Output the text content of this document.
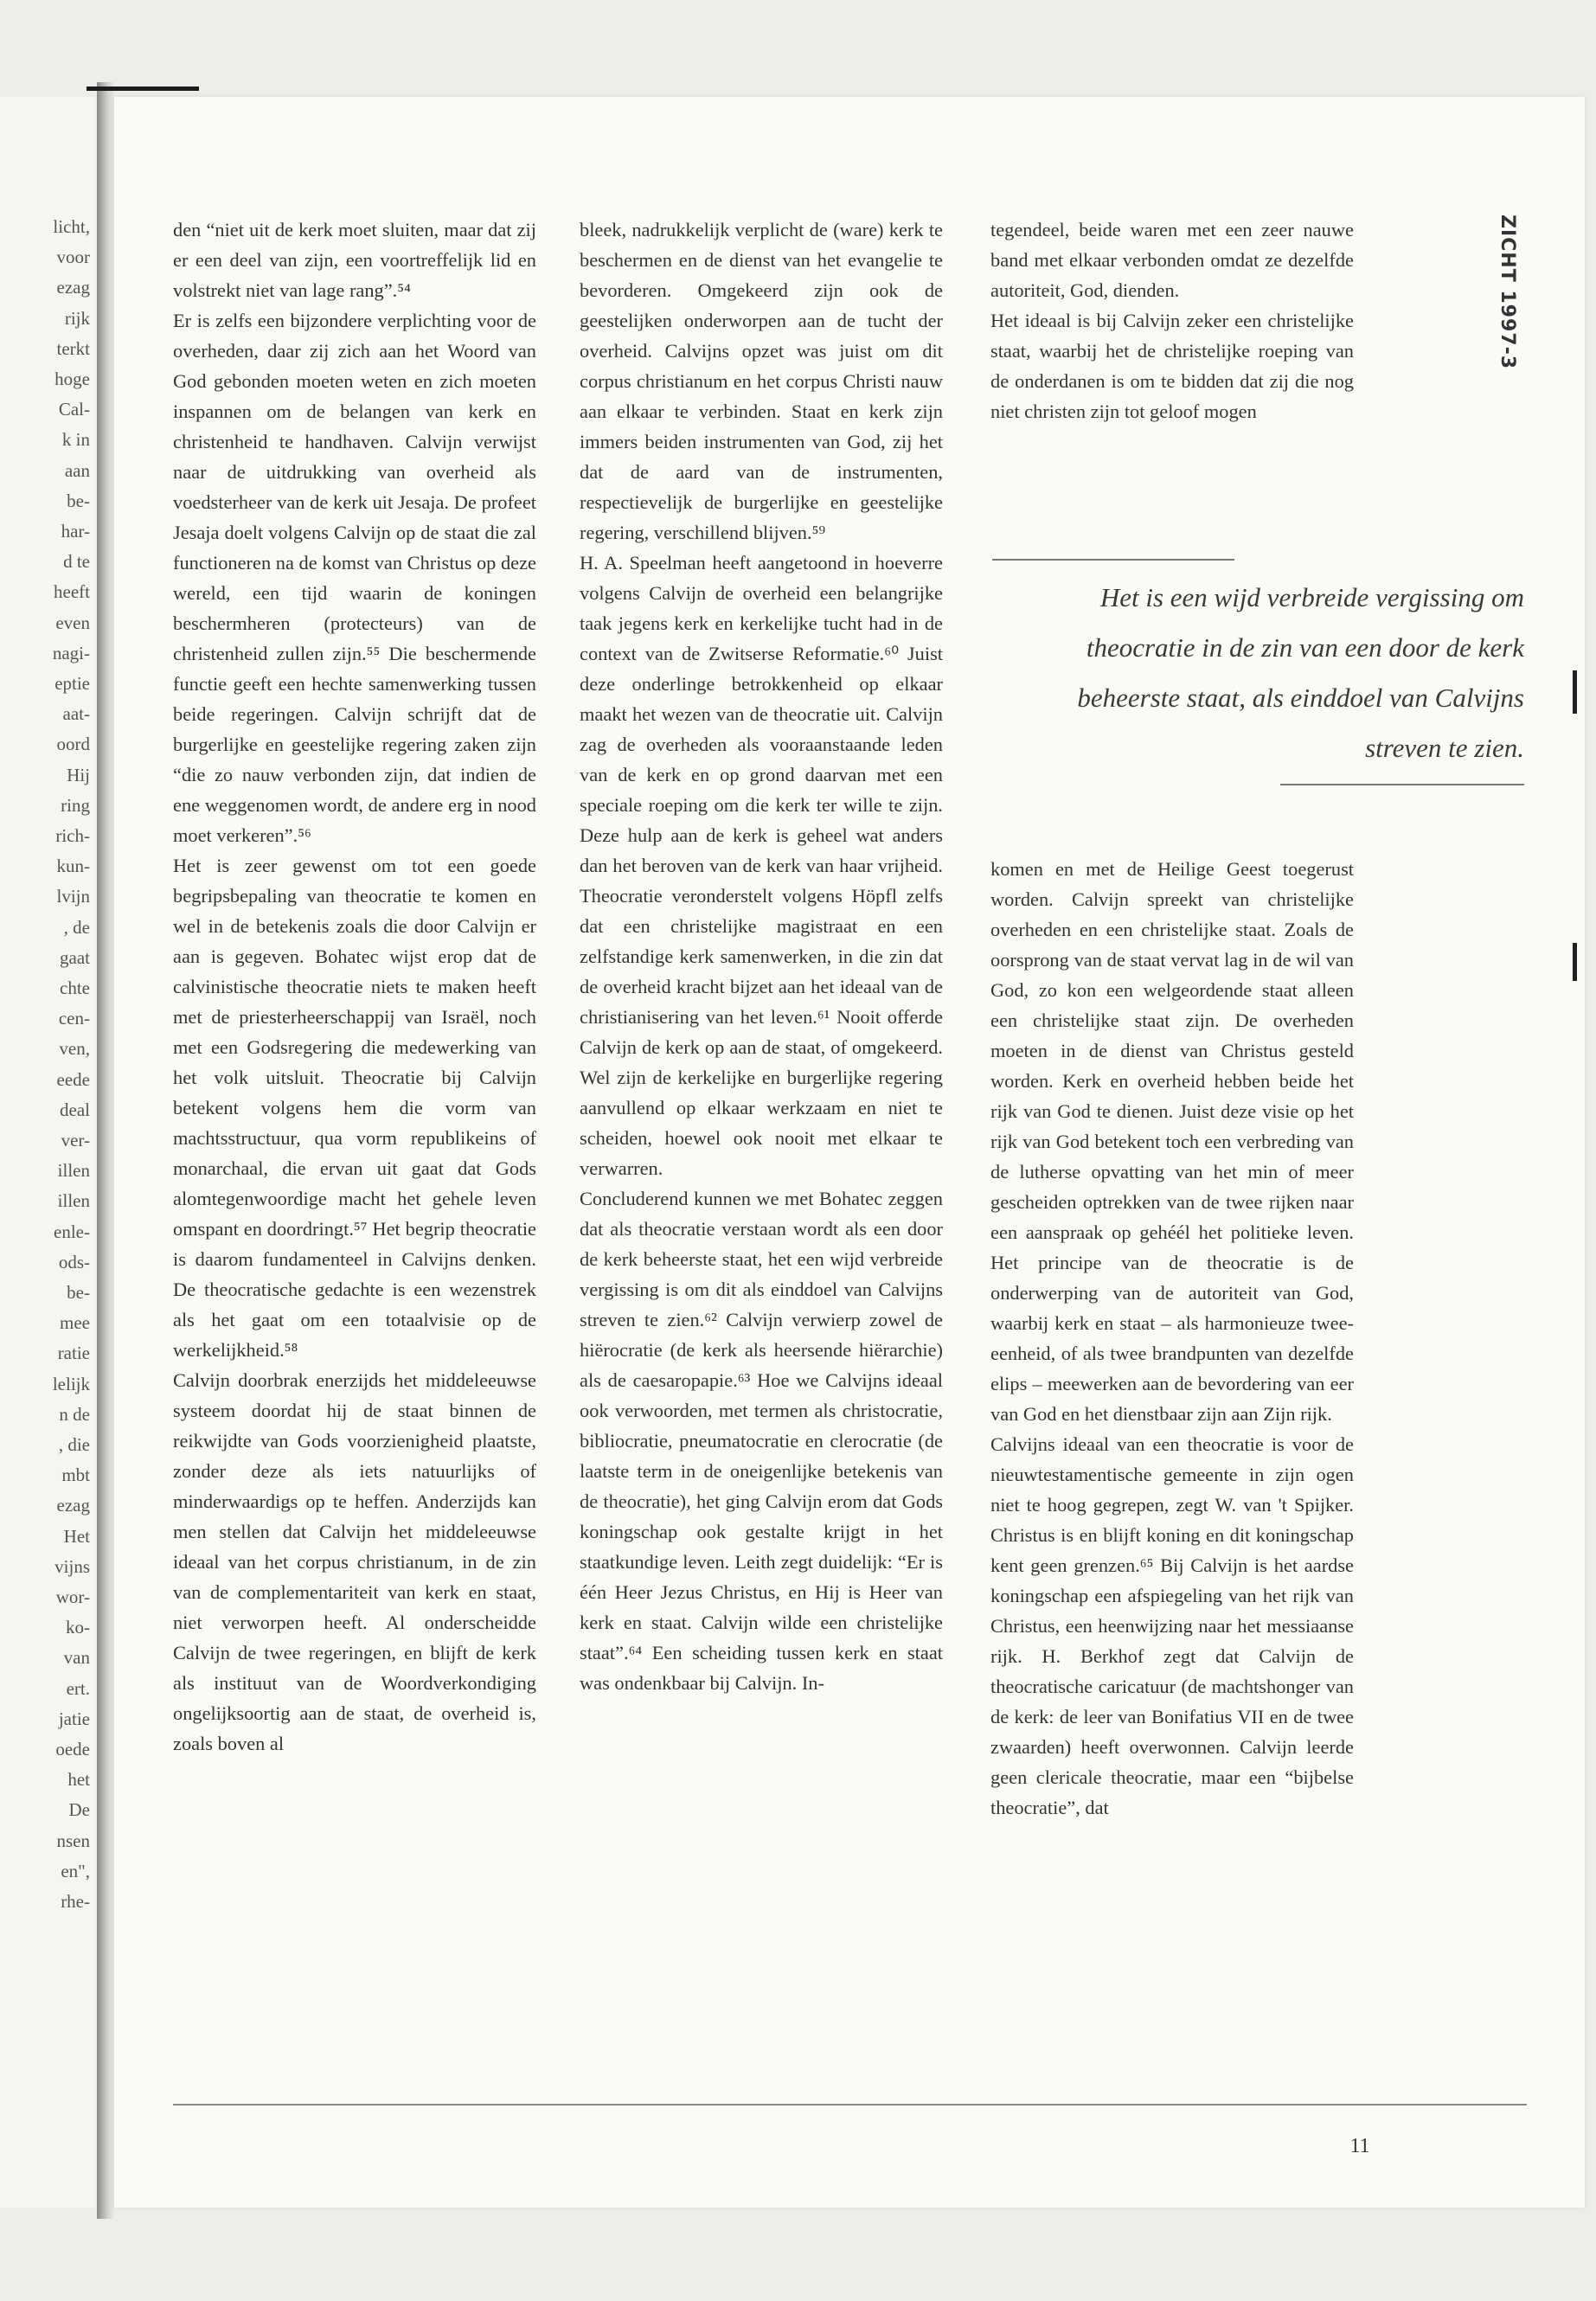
licht,
voor
ezag
rijk
terkt
hoge
Cal-
k in
aan
be-
har-
d te
heeft
even
nagi-
eptie
aat-
oord
Hij
ring
rich-
kun-
lvijn
, de
gaat
chte
cen-
ven,
eede
deal
ver-
illen
illen
enle-
ods-
be-
mee
ratie
lelijk
n de
, die
mbt
ezag
Het
vijns
wor-
ko-
van
ert.
jatie
oede
het
De
nsen
en",
rhe-
ZICHT 1997-3

den “niet uit de kerk moet sluiten, maar dat zij er een deel van zijn, een voortreffelijk lid en volstrekt niet van lage rang”.⁵⁴

Er is zelfs een bijzondere verplichting voor de overheden, daar zij zich aan het Woord van God gebonden moeten weten en zich moeten inspannen om de belangen van kerk en christenheid te handhaven. Calvijn verwijst naar de uitdrukking van overheid als voedsterheer van de kerk uit Jesaja. De profeet Jesaja doelt volgens Calvijn op de staat die zal functioneren na de komst van Christus op deze wereld, een tijd waarin de koningen beschermheren (protecteurs) van de christenheid zullen zijn.⁵⁵ Die beschermende functie geeft een hechte samenwerking tussen beide regeringen. Calvijn schrijft dat de burgerlijke en geestelijke regering zaken zijn “die zo nauw verbonden zijn, dat indien de ene weggenomen wordt, de andere erg in nood moet verkeren”.⁵⁶

Het is zeer gewenst om tot een goede begripsbepaling van theocratie te komen en wel in de betekenis zoals die door Calvijn er aan is gegeven. Bohatec wijst erop dat de calvinistische theocratie niets te maken heeft met de priesterheerschappij van Israël, noch met een Godsregering die medewerking van het volk uitsluit. Theocratie bij Calvijn betekent volgens hem die vorm van machtsstructuur, qua vorm republikeins of monarchaal, die ervan uit gaat dat Gods alomtegenwoordige macht het gehele leven omspant en doordringt.⁵⁷ Het begrip theocratie is daarom fundamenteel in Calvijns denken. De theocratische gedachte is een wezenstrek als het gaat om een totaalvisie op de werkelijkheid.⁵⁸

Calvijn doorbrak enerzijds het middeleeuwse systeem doordat hij de staat binnen de reikwijdte van Gods voorzienigheid plaatste, zonder deze als iets natuurlijks of minderwaardigs op te heffen. Anderzijds kan men stellen dat Calvijn het middeleeuwse ideaal van het corpus christianum, in de zin van de complementariteit van kerk en staat, niet verworpen heeft. Al onderscheidde Calvijn de twee regeringen, en blijft de kerk als instituut van de Woordverkondiging ongelijksoortig aan de staat, de overheid is, zoals boven al

bleek, nadrukkelijk verplicht de (ware) kerk te beschermen en de dienst van het evangelie te bevorderen. Omgekeerd zijn ook de geestelijken onderworpen aan de tucht der overheid. Calvijns opzet was juist om dit corpus christianum en het corpus Christi nauw aan elkaar te verbinden. Staat en kerk zijn immers beiden instrumenten van God, zij het dat de aard van de instrumenten, respectievelijk de burgerlijke en geestelijke regering, verschillend blijven.⁵⁹

H. A. Speelman heeft aangetoond in hoeverre volgens Calvijn de overheid een belangrijke taak jegens kerk en kerkelijke tucht had in de context van de Zwitserse Reformatie.⁶⁰ Juist deze onderlinge betrokkenheid op elkaar maakt het wezen van de theocratie uit. Calvijn zag de overheden als vooraanstaande leden van de kerk en op grond daarvan met een speciale roeping om die kerk ter wille te zijn. Deze hulp aan de kerk is geheel wat anders dan het beroven van de kerk van haar vrijheid. Theocratie veronderstelt volgens Höpfl zelfs dat een christelijke magistraat en een zelfstandige kerk samenwerken, in die zin dat de overheid kracht bijzet aan het ideaal van de christianisering van het leven.⁶¹ Nooit offerde Calvijn de kerk op aan de staat, of omgekeerd. Wel zijn de kerkelijke en burgerlijke regering aanvullend op elkaar werkzaam en niet te scheiden, hoewel ook nooit met elkaar te verwarren.

Concluderend kunnen we met Bohatec zeggen dat als theocratie verstaan wordt als een door de kerk beheerste staat, het een wijd verbreide vergissing is om dit als einddoel van Calvijns streven te zien.⁶² Calvijn verwierp zowel de hiërocratie (de kerk als heersende hiërarchie) als de caesaropapie.⁶³ Hoe we Calvijns ideaal ook verwoorden, met termen als christocratie, bibliocratie, pneumatocratie en clerocratie (de laatste term in de oneigenlijke betekenis van de theocratie), het ging Calvijn erom dat Gods koningschap ook gestalte krijgt in het staatkundige leven. Leith zegt duidelijk: “Er is één Heer Jezus Christus, en Hij is Heer van kerk en staat. Calvijn wilde een christelijke staat”.⁶⁴ Een scheiding tussen kerk en staat was ondenkbaar bij Calvijn. In-

tegendeel, beide waren met een zeer nauwe band met elkaar verbonden omdat ze dezelfde autoriteit, God, dienden.

Het ideaal is bij Calvijn zeker een christelijke staat, waarbij het de christelijke roeping van de onderdanen is om te bidden dat zij die nog niet christen zijn tot geloof mogen

Het is een wijd verbreide vergissing om theocratie in de zin van een door de kerk beheerste staat, als einddoel van Calvijns streven te zien.

komen en met de Heilige Geest toegerust worden. Calvijn spreekt van christelijke overheden en een christelijke staat. Zoals de oorsprong van de staat vervat lag in de wil van God, zo kon een welgeordende staat alleen een christelijke staat zijn. De overheden moeten in de dienst van Christus gesteld worden. Kerk en overheid hebben beide het rijk van God te dienen. Juist deze visie op het rijk van God betekent toch een verbreding van de lutherse opvatting van het min of meer gescheiden optrekken van de twee rijken naar een aanspraak op gehéél het politieke leven. Het principe van de theocratie is de onderwerping van de autoriteit van God, waarbij kerk en staat – als harmonieuze twee-eenheid, of als twee brandpunten van dezelfde elips – meewerken aan de bevordering van eer van God en het dienstbaar zijn aan Zijn rijk.

Calvijns ideaal van een theocratie is voor de nieuwtestamentische gemeente in zijn ogen niet te hoog gegrepen, zegt W. van 't Spijker. Christus is en blijft koning en dit koningschap kent geen grenzen.⁶⁵ Bij Calvijn is het aardse koningschap een afspiegeling van het rijk van Christus, een heenwijzing naar het messiaanse rijk. H. Berkhof zegt dat Calvijn de theocratische caricatuur (de machtshonger van de kerk: de leer van Bonifatius VII en de twee zwaarden) heeft overwonnen. Calvijn leerde geen clericale theocratie, maar een “bijbelse theocratie”, dat

11
